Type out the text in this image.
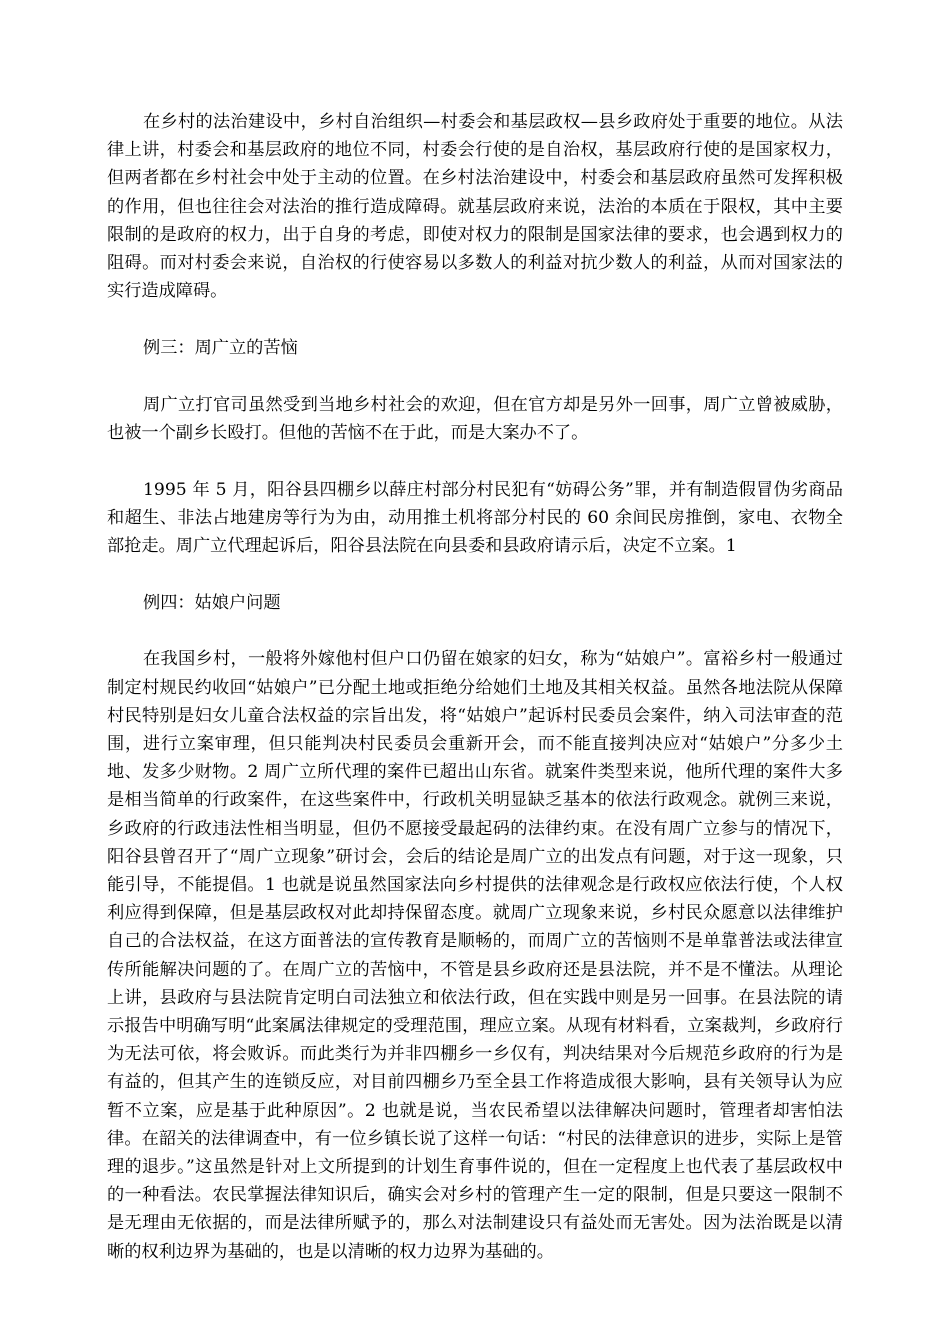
在乡村的法治建设中，乡村自治组织—村委会和基层政权—县乡政府处于重要的地位。从法律上讲，村委会和基层政府的地位不同，村委会行使的是自治权，基层政府行使的是国家权力，但两者都在乡村社会中处于主动的位置。在乡村法治建设中，村委会和基层政府虽然可发挥积极的作用，但也往往会对法治的推行造成障碍。就基层政府来说，法治的本质在于限权，其中主要限制的是政府的权力，出于自身的考虑，即使对权力的限制是国家法律的要求，也会遇到权力的阻碍。而对村委会来说，自治权的行使容易以多数人的利益对抗少数人的利益，从而对国家法的实行造成障碍。

例三：周广立的苦恼

周广立打官司虽然受到当地乡村社会的欢迎，但在官方却是另外一回事，周广立曾被威胁，也被一个副乡长殴打。但他的苦恼不在于此，而是大案办不了。

1995 年 5 月，阳谷县四棚乡以薛庄村部分村民犯有“妨碍公务”罪，并有制造假冒伪劣商品和超生、非法占地建房等行为为由，动用推土机将部分村民的 60 余间民房推倒，家电、衣物全部抢走。周广立代理起诉后，阳谷县法院在向县委和县政府请示后，决定不立案。1

例四：姑娘户问题

在我国乡村，一般将外嫁他村但户口仍留在娘家的妇女，称为“姑娘户”。富裕乡村一般通过制定村规民约收回“姑娘户”已分配土地或拒绝分给她们土地及其相关权益。虽然各地法院从保障村民特别是妇女儿童合法权益的宗旨出发，将“姑娘户”起诉村民委员会案件，纳入司法审查的范围，进行立案审理，但只能判决村民委员会重新开会，而不能直接判决应对“姑娘户”分多少土地、发多少财物。2 周广立所代理的案件已超出山东省。就案件类型来说，他所代理的案件大多是相当简单的行政案件，在这些案件中，行政机关明显缺乏基本的依法行政观念。就例三来说，乡政府的行政违法性相当明显，但仍不愿接受最起码的法律约束。在没有周广立参与的情况下，阳谷县曾召开了“周广立现象”研讨会，会后的结论是周广立的出发点有问题，对于这一现象，只能引导，不能提倡。1 也就是说虽然国家法向乡村提供的法律观念是行政权应依法行使，个人权利应得到保障，但是基层政权对此却持保留态度。就周广立现象来说，乡村民众愿意以法律维护自己的合法权益，在这方面普法的宣传教育是顺畅的，而周广立的苦恼则不是单靠普法或法律宣传所能解决问题的了。在周广立的苦恼中，不管是县乡政府还是县法院，并不是不懂法。从理论上讲，县政府与县法院肯定明白司法独立和依法行政，但在实践中则是另一回事。在县法院的请示报告中明确写明“此案属法律规定的受理范围，理应立案。从现有材料看，立案裁判，乡政府行为无法可依，将会败诉。而此类行为并非四棚乡一乡仅有，判决结果对今后规范乡政府的行为是有益的，但其产生的连锁反应，对目前四棚乡乃至全县工作将造成很大影响，县有关领导认为应暂不立案，应是基于此种原因”。2 也就是说，当农民希望以法律解决问题时，管理者却害怕法律。在韶关的法律调查中，有一位乡镇长说了这样一句话：“村民的法律意识的进步，实际上是管理的退步。”这虽然是针对上文所提到的计划生育事件说的，但在一定程度上也代表了基层政权中的一种看法。农民掌握法律知识后，确实会对乡村的管理产生一定的限制，但是只要这一限制不是无理由无依据的，而是法律所赋予的，那么对法制建设只有益处而无害处。因为法治既是以清晰的权利边界为基础的，也是以清晰的权力边界为基础的。
